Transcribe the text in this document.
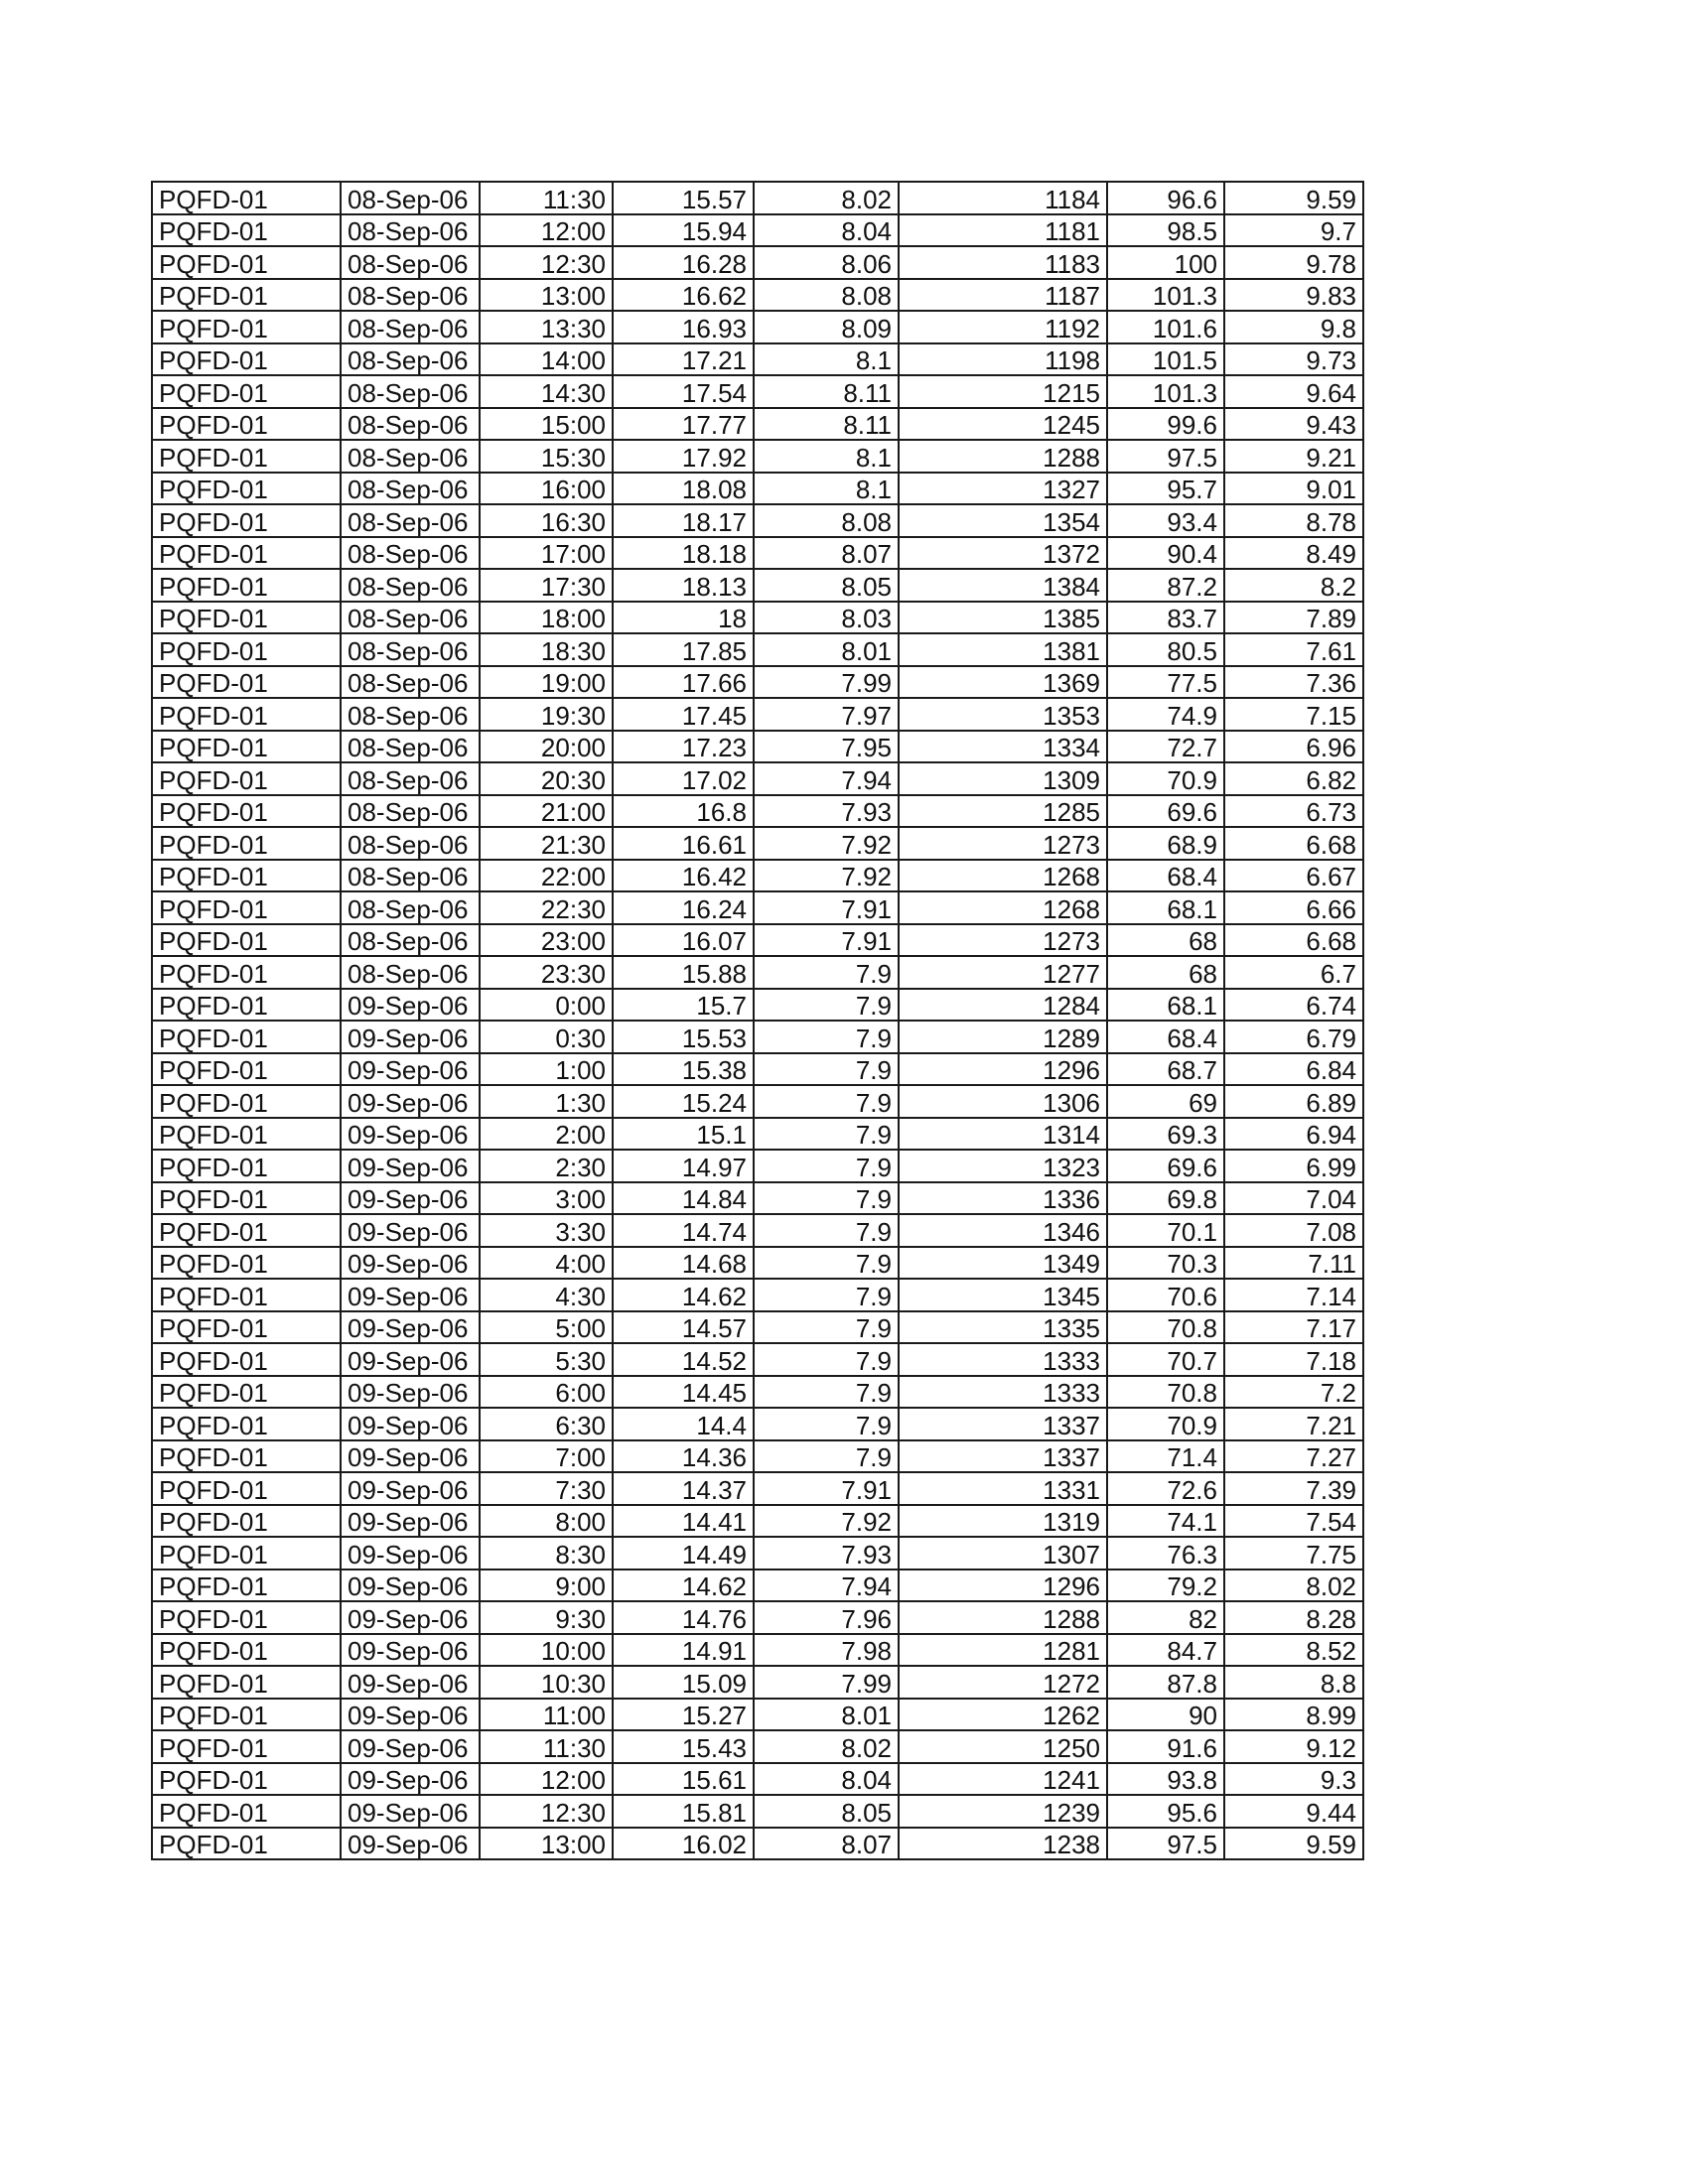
PQFD-01	08-Sep-06	11:30	15.57	8.02	1184	96.6	9.59
PQFD-01	08-Sep-06	12:00	15.94	8.04	1181	98.5	9.7
PQFD-01	08-Sep-06	12:30	16.28	8.06	1183	100	9.78
PQFD-01	08-Sep-06	13:00	16.62	8.08	1187	101.3	9.83
PQFD-01	08-Sep-06	13:30	16.93	8.09	1192	101.6	9.8
PQFD-01	08-Sep-06	14:00	17.21	8.1	1198	101.5	9.73
PQFD-01	08-Sep-06	14:30	17.54	8.11	1215	101.3	9.64
PQFD-01	08-Sep-06	15:00	17.77	8.11	1245	99.6	9.43
PQFD-01	08-Sep-06	15:30	17.92	8.1	1288	97.5	9.21
PQFD-01	08-Sep-06	16:00	18.08	8.1	1327	95.7	9.01
PQFD-01	08-Sep-06	16:30	18.17	8.08	1354	93.4	8.78
PQFD-01	08-Sep-06	17:00	18.18	8.07	1372	90.4	8.49
PQFD-01	08-Sep-06	17:30	18.13	8.05	1384	87.2	8.2
PQFD-01	08-Sep-06	18:00	18	8.03	1385	83.7	7.89
PQFD-01	08-Sep-06	18:30	17.85	8.01	1381	80.5	7.61
PQFD-01	08-Sep-06	19:00	17.66	7.99	1369	77.5	7.36
PQFD-01	08-Sep-06	19:30	17.45	7.97	1353	74.9	7.15
PQFD-01	08-Sep-06	20:00	17.23	7.95	1334	72.7	6.96
PQFD-01	08-Sep-06	20:30	17.02	7.94	1309	70.9	6.82
PQFD-01	08-Sep-06	21:00	16.8	7.93	1285	69.6	6.73
PQFD-01	08-Sep-06	21:30	16.61	7.92	1273	68.9	6.68
PQFD-01	08-Sep-06	22:00	16.42	7.92	1268	68.4	6.67
PQFD-01	08-Sep-06	22:30	16.24	7.91	1268	68.1	6.66
PQFD-01	08-Sep-06	23:00	16.07	7.91	1273	68	6.68
PQFD-01	08-Sep-06	23:30	15.88	7.9	1277	68	6.7
PQFD-01	09-Sep-06	0:00	15.7	7.9	1284	68.1	6.74
PQFD-01	09-Sep-06	0:30	15.53	7.9	1289	68.4	6.79
PQFD-01	09-Sep-06	1:00	15.38	7.9	1296	68.7	6.84
PQFD-01	09-Sep-06	1:30	15.24	7.9	1306	69	6.89
PQFD-01	09-Sep-06	2:00	15.1	7.9	1314	69.3	6.94
PQFD-01	09-Sep-06	2:30	14.97	7.9	1323	69.6	6.99
PQFD-01	09-Sep-06	3:00	14.84	7.9	1336	69.8	7.04
PQFD-01	09-Sep-06	3:30	14.74	7.9	1346	70.1	7.08
PQFD-01	09-Sep-06	4:00	14.68	7.9	1349	70.3	7.11
PQFD-01	09-Sep-06	4:30	14.62	7.9	1345	70.6	7.14
PQFD-01	09-Sep-06	5:00	14.57	7.9	1335	70.8	7.17
PQFD-01	09-Sep-06	5:30	14.52	7.9	1333	70.7	7.18
PQFD-01	09-Sep-06	6:00	14.45	7.9	1333	70.8	7.2
PQFD-01	09-Sep-06	6:30	14.4	7.9	1337	70.9	7.21
PQFD-01	09-Sep-06	7:00	14.36	7.9	1337	71.4	7.27
PQFD-01	09-Sep-06	7:30	14.37	7.91	1331	72.6	7.39
PQFD-01	09-Sep-06	8:00	14.41	7.92	1319	74.1	7.54
PQFD-01	09-Sep-06	8:30	14.49	7.93	1307	76.3	7.75
PQFD-01	09-Sep-06	9:00	14.62	7.94	1296	79.2	8.02
PQFD-01	09-Sep-06	9:30	14.76	7.96	1288	82	8.28
PQFD-01	09-Sep-06	10:00	14.91	7.98	1281	84.7	8.52
PQFD-01	09-Sep-06	10:30	15.09	7.99	1272	87.8	8.8
PQFD-01	09-Sep-06	11:00	15.27	8.01	1262	90	8.99
PQFD-01	09-Sep-06	11:30	15.43	8.02	1250	91.6	9.12
PQFD-01	09-Sep-06	12:00	15.61	8.04	1241	93.8	9.3
PQFD-01	09-Sep-06	12:30	15.81	8.05	1239	95.6	9.44
PQFD-01	09-Sep-06	13:00	16.02	8.07	1238	97.5	9.59
